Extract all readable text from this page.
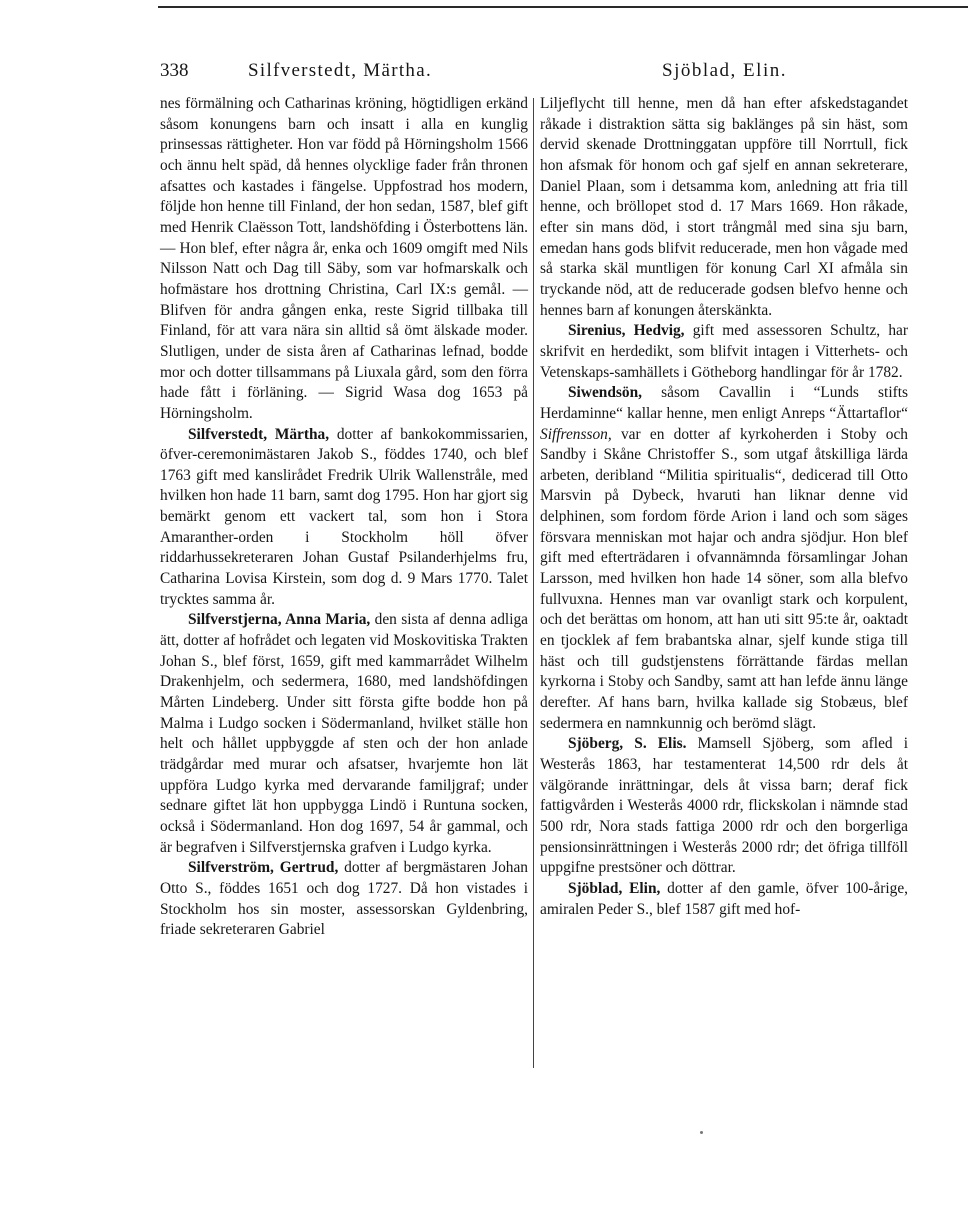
338	Silfverstedt, Märtha.	Sjöblad, Elin.

nes förmälning och Catharinas kröning, högtidligen erkänd såsom konungens barn och insatt i alla en kunglig prinsessas rättigheter. Hon var född på Hörningsholm 1566 och ännu helt späd, då hennes olycklige fader från thronen afsattes och kastades i fängelse. Uppfostrad hos modern, följde hon henne till Finland, der hon sedan, 1587, blef gift med Henrik Claësson Tott, landshöfding i Österbottens län. — Hon blef, efter några år, enka och 1609 omgift med Nils Nilsson Natt och Dag till Säby, som var hofmarskalk och hofmästare hos drottning Christina, Carl IX:s gemål. — Blifven för andra gången enka, reste Sigrid tillbaka till Finland, för att vara nära sin alltid så ömt älskade moder. Slutligen, under de sista åren af Catharinas lefnad, bodde mor och dotter tillsammans på Liuxala gård, som den förra hade fått i förläning. — Sigrid Wasa dog 1653 på Hörningsholm.

Silfverstedt, Märtha, dotter af bankokommissarien, öfver-ceremonimästaren Jakob S., föddes 1740, och blef 1763 gift med kanslirådet Fredrik Ulrik Wallenstråle, med hvilken hon hade 11 barn, samt dog 1795. Hon har gjort sig bemärkt genom ett vackert tal, som hon i Stora Amaranther-orden i Stockholm höll öfver riddarhussekreteraren Johan Gustaf Psilanderhjelms fru, Catharina Lovisa Kirstein, som dog d. 9 Mars 1770. Talet trycktes samma år.

Silfverstjerna, Anna Maria, den sista af denna adliga ätt, dotter af hofrådet och legaten vid Moskovitiska Trakten Johan S., blef först, 1659, gift med kammarrådet Wilhelm Drakenhjelm, och sedermera, 1680, med landshöfdingen Mårten Lindeberg. Under sitt första gifte bodde hon på Malma i Ludgo socken i Södermanland, hvilket ställe hon helt och hållet uppbyggde af sten och der hon anlade trädgårdar med murar och afsatser, hvarjemte hon lät uppföra Ludgo kyrka med dervarande familjgraf; under sednare giftet lät hon uppbygga Lindö i Runtuna socken, också i Södermanland. Hon dog 1697, 54 år gammal, och är begrafven i Silfverstjernska grafven i Ludgo kyrka.

Silfverström, Gertrud, dotter af bergmästaren Johan Otto S., föddes 1651 och dog 1727. Då hon vistades i Stockholm hos sin moster, assessorskan Gyldenbring, friade sekreteraren Gabriel

Liljeflycht till henne, men då han efter afskedstagandet råkade i distraktion sätta sig baklänges på sin häst, som dervid skenade Drottninggatan uppföre till Norrtull, fick hon afsmak för honom och gaf sjelf en annan sekreterare, Daniel Plaan, som i detsamma kom, anledning att fria till henne, och bröllopet stod d. 17 Mars 1669. Hon råkade, efter sin mans död, i stort trångmål med sina sju barn, emedan hans gods blifvit reducerade, men hon vågade med så starka skäl muntligen för konung Carl XI afmåla sin tryckande nöd, att de reducerade godsen blefvo henne och hennes barn af konungen återskänkta.

Sirenius, Hedvig, gift med assessoren Schultz, har skrifvit en herdedikt, som blifvit intagen i Vitterhets- och Vetenskaps-samhällets i Götheborg handlingar för år 1782.

Siwendsön, såsom Cavallin i “Lunds stifts Herdaminne“ kallar henne, men enligt Anreps “Ättartaflor“ Siffrensson, var en dotter af kyrkoherden i Stoby och Sandby i Skåne Christoffer S., som utgaf åtskilliga lärda arbeten, deribland “Militia spiritualis“, dedicerad till Otto Marsvin på Dybeck, hvaruti han liknar denne vid delphinen, som fordom förde Arion i land och som säges försvara menniskan mot hajar och andra sjödjur. Hon blef gift med efterträdaren i ofvannämnda församlingar Johan Larsson, med hvilken hon hade 14 söner, som alla blefvo fullvuxna. Hennes man var ovanligt stark och korpulent, och det berättas om honom, att han uti sitt 95:te år, oaktadt en tjocklek af fem brabantska alnar, sjelf kunde stiga till häst och till gudstjenstens förrättande färdas mellan kyrkorna i Stoby och Sandby, samt att han lefde ännu länge derefter. Af hans barn, hvilka kallade sig Stobæus, blef sedermera en namnkunnig och berömd slägt.

Sjöberg, S. Elis. Mamsell Sjöberg, som afled i Westerås 1863, har testamenterat 14,500 rdr dels åt välgörande inrättningar, dels åt vissa barn; deraf fick fattigvården i Westerås 4000 rdr, flickskolan i nämnde stad 500 rdr, Nora stads fattiga 2000 rdr och den borgerliga pensionsinrättningen i Westerås 2000 rdr; det öfriga tillföll uppgifne prestsöner och döttrar.

Sjöblad, Elin, dotter af den gamle, öfver 100-årige, amiralen Peder S., blef 1587 gift med hof-
